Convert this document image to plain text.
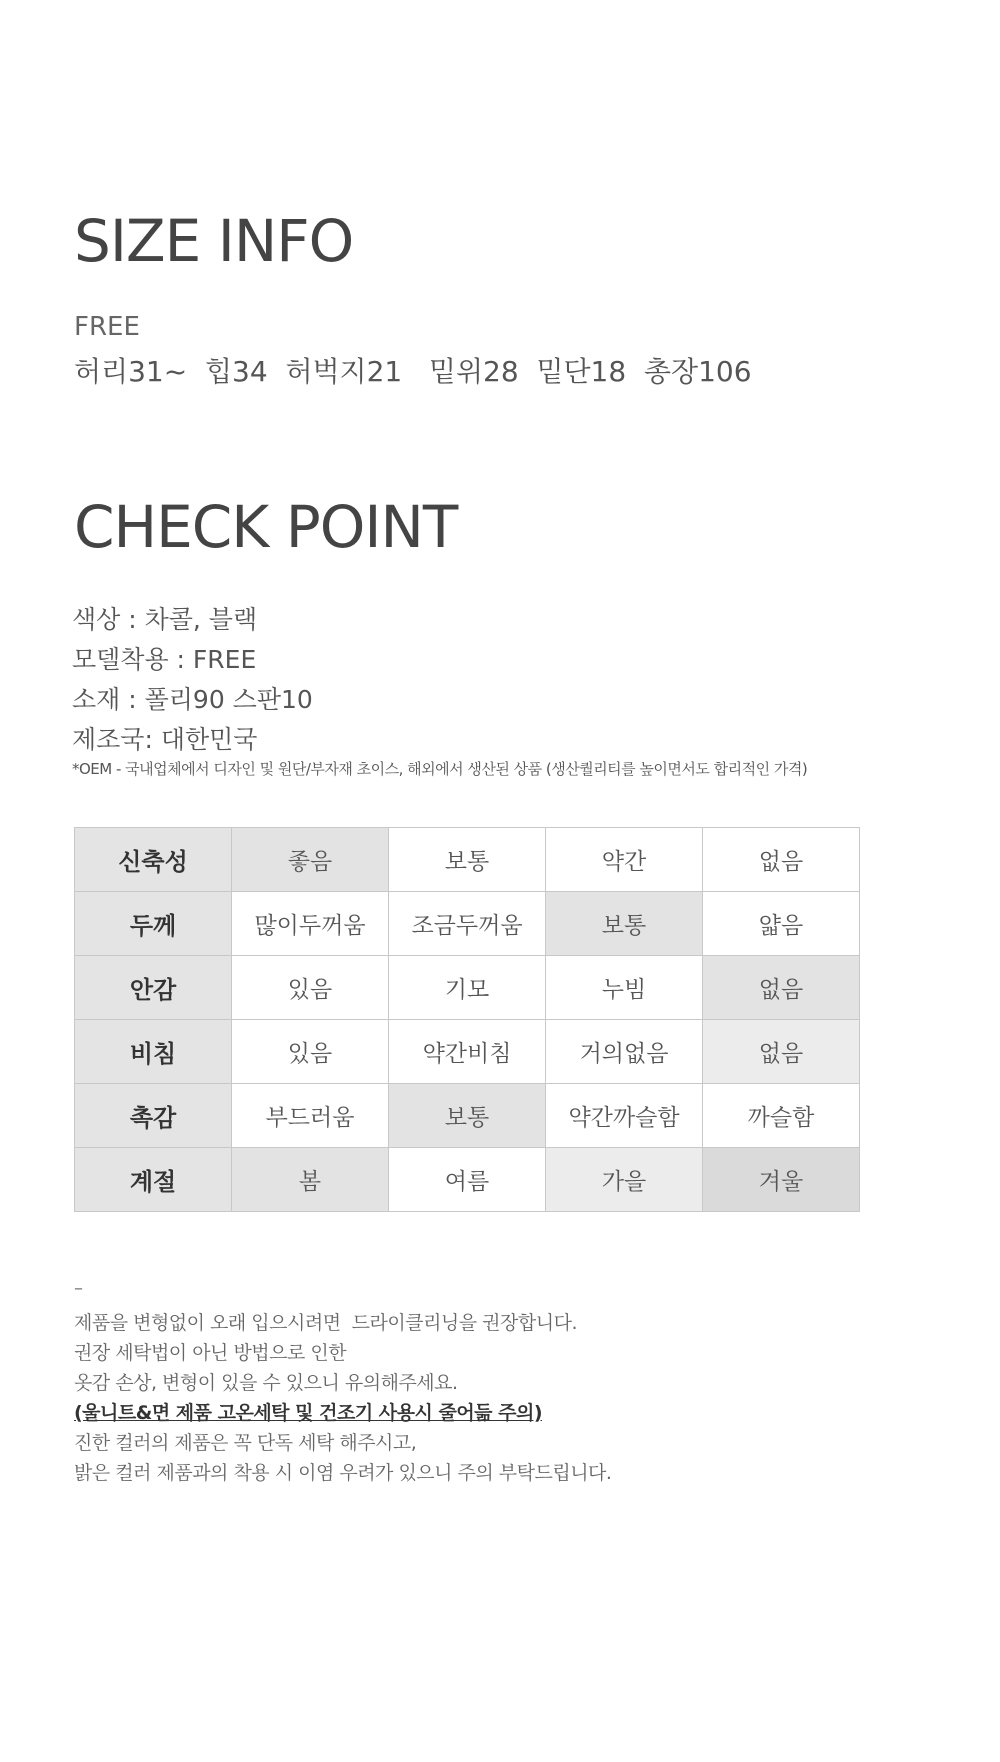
SIZE INFO
FREE
허리31~  힙34  허벅지21   밑위28  밑단18  총장106
CHECK POINT
색상 : 차콜, 블랙
모델착용 : FREE
소재 : 폴리90 스판10
제조국: 대한민국
*OEM - 국내업체에서 디자인 및 원단/부자재 초이스, 해외에서 생산된 상품 (생산퀄리티를 높이면서도 합리적인 가격)
신축성	좋음	보통	약간	없음
두께	많이두꺼움	조금두꺼움	보통	얇음
안감	있음	기모	누빔	없음
비침	있음	약간비침	거의없음	없음
촉감	부드러움	보통	약간까슬함	까슬함
계절	봄	여름	가을	겨울
–
제품을 변형없이 오래 입으시려면  드라이클리닝을 권장합니다.
권장 세탁법이 아닌 방법으로 인한
옷감 손상, 변형이 있을 수 있으니 유의해주세요.
(울니트&면 제품 고온세탁 및 건조기 사용시 줄어듦 주의)
진한 컬러의 제품은 꼭 단독 세탁 해주시고,
밝은 컬러 제품과의 착용 시 이염 우려가 있으니 주의 부탁드립니다.
